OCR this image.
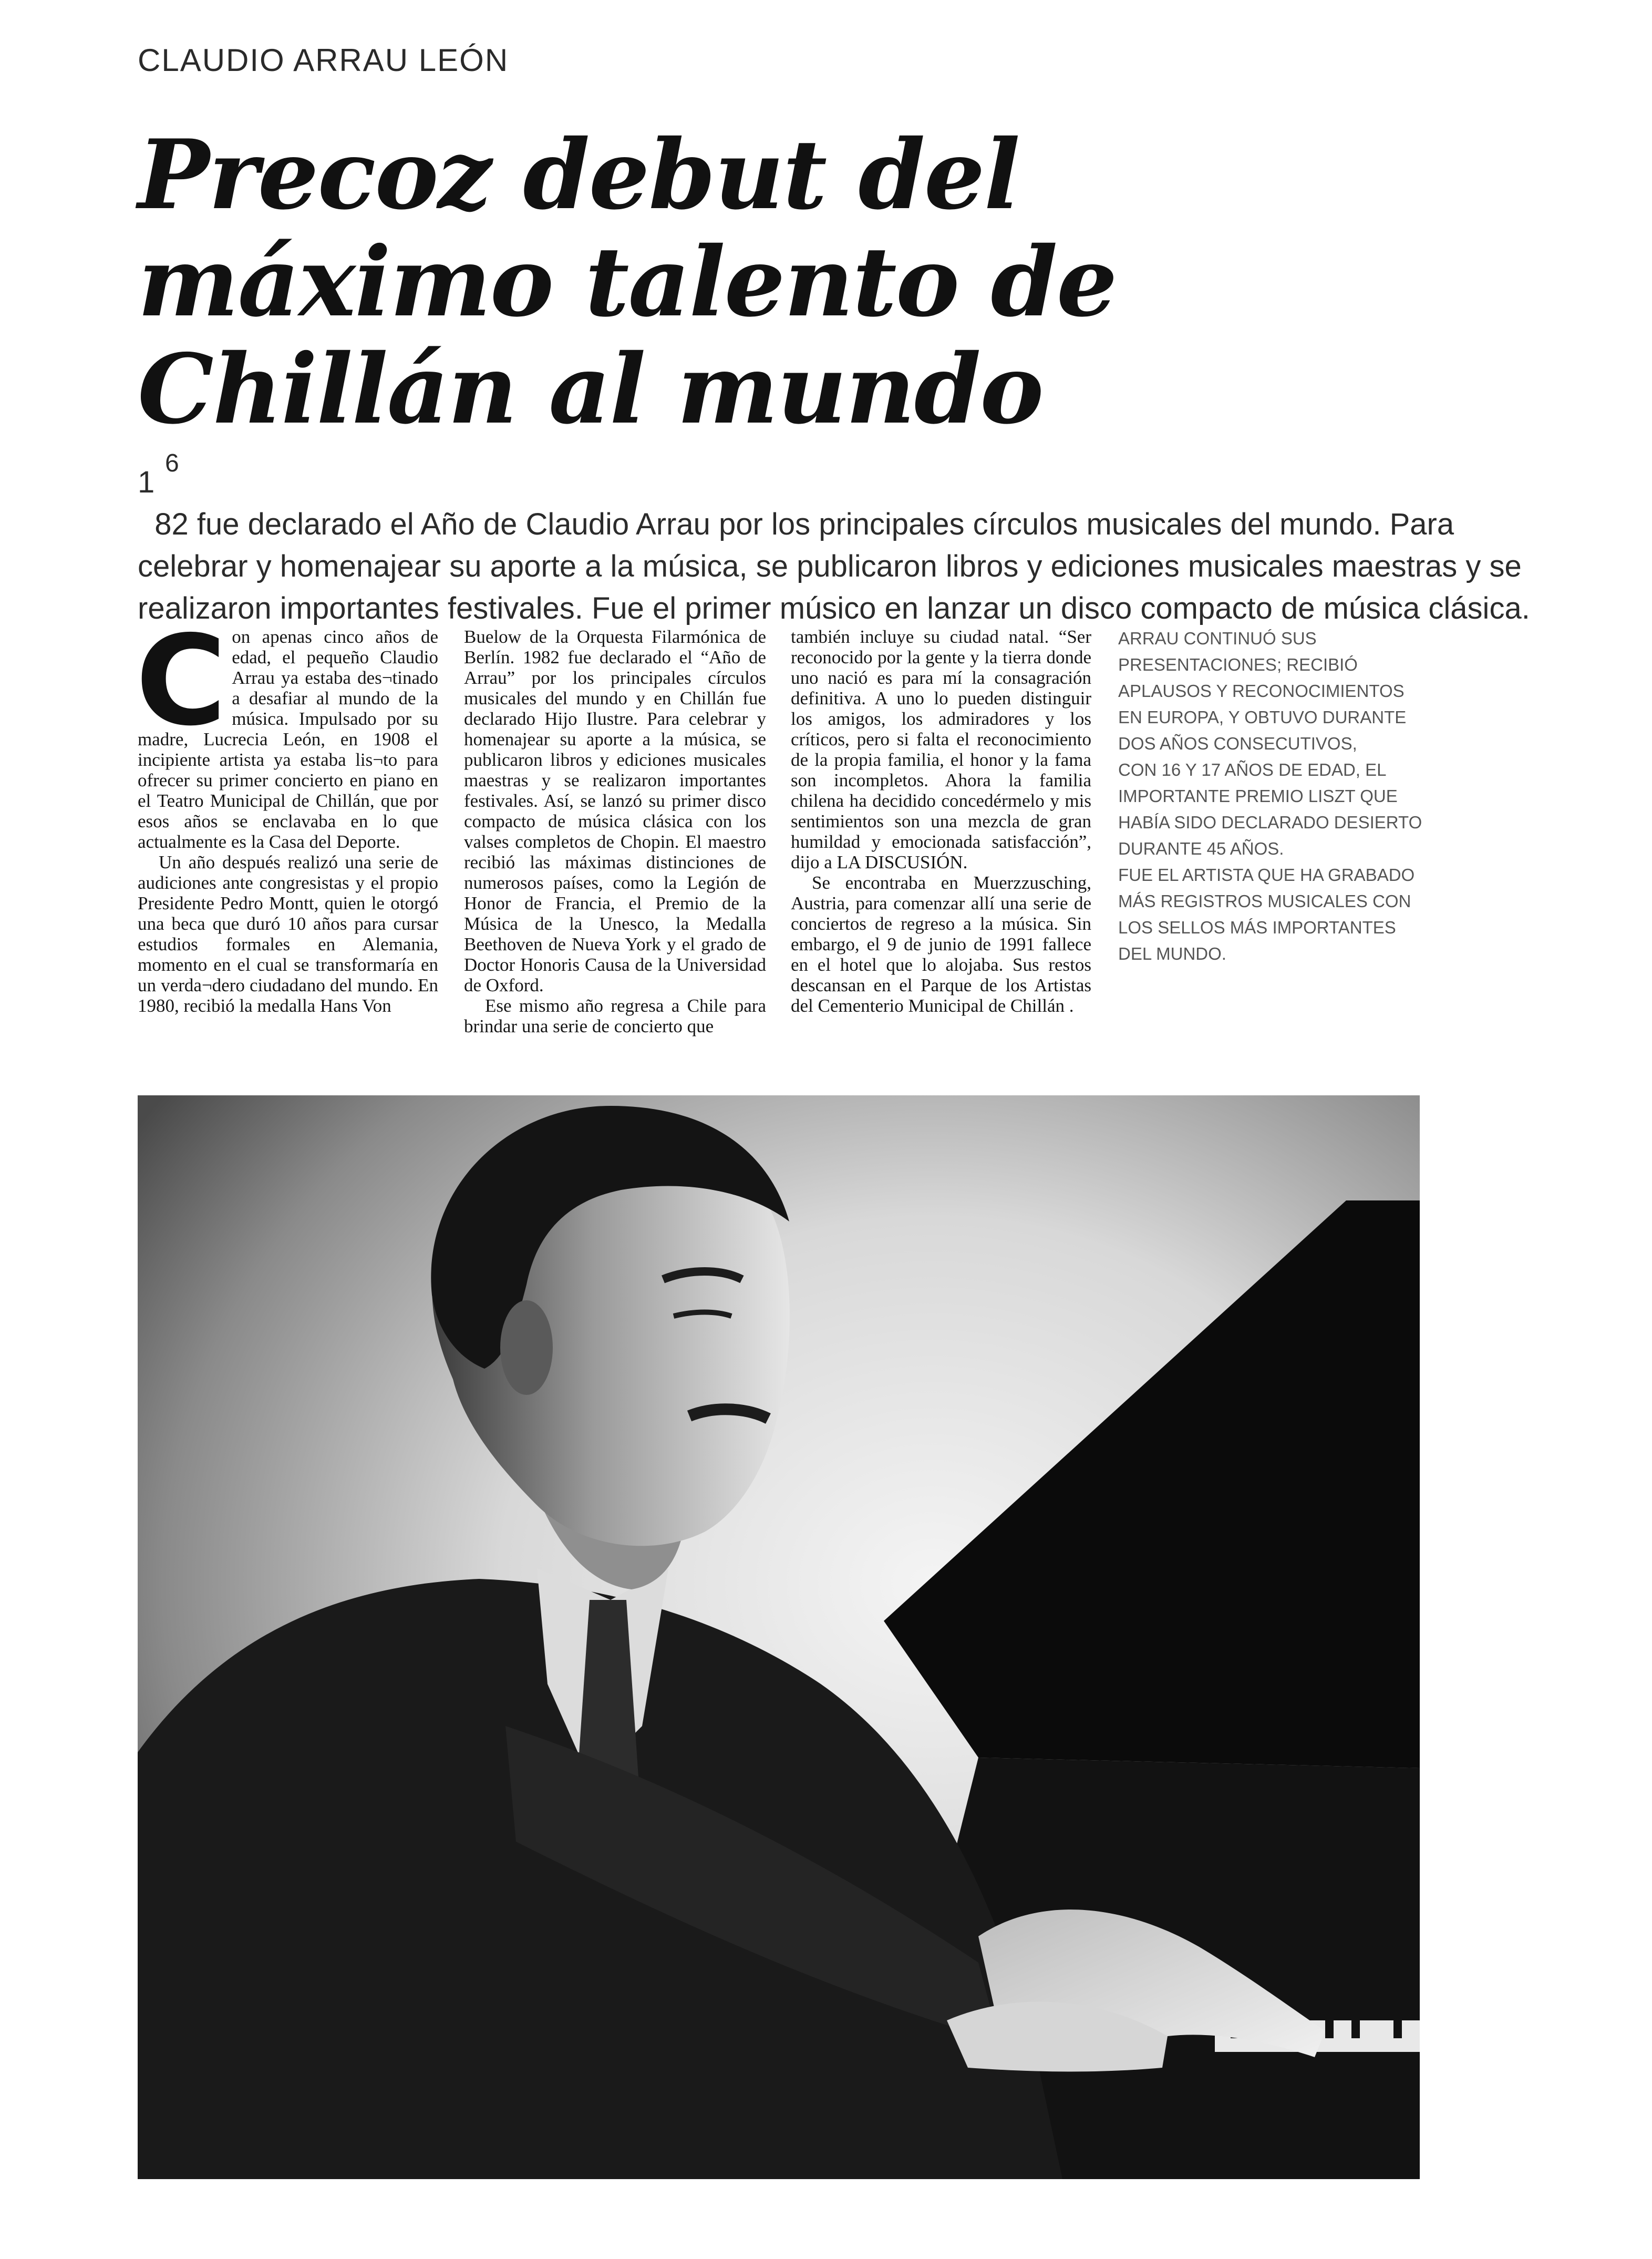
CLAUDIO ARRAU LEÓN
Precoz debut del
máximo talento de
Chillán al mundo
1
6
82 fue declarado el Año de Claudio Arrau por los principales círculos musicales del mundo. Para
celebrar y homenajear su aporte a la música, se publicaron libros y ediciones musicales maestras y se
realizaron importantes festivales. Fue el primer músico en lanzar un disco compacto de música clásica.

Con apenas cinco años de edad, el pequeño Claudio Arrau ya estaba des¬tinado a desafiar al mundo de la música. Impulsado por su madre, Lucrecia León, en 1908 el incipiente artista ya estaba lis¬to para ofrecer su primer concierto en piano en el Teatro Municipal de Chillán, que por esos años se enclavaba en lo que actualmente es la Casa del Deporte.

Un año después realizó una serie de audiciones ante congresistas y el propio Presidente Pedro Montt, quien le otorgó una beca que duró 10 años para cursar estudios formales en Alemania, momento en el cual se transformaría en un verda¬dero ciudadano del mundo. En 1980, recibió la medalla Hans Von

Buelow de la Orquesta Filarmónica de Berlín. 1982 fue declarado el “Año de Arrau” por los principales círculos musicales del mundo y en Chillán fue declarado Hijo Ilustre. Para celebrar y homenajear su aporte a la música, se publicaron libros y ediciones musicales maestras y se realizaron importantes festivales. Así, se lanzó su primer disco compacto de música clásica con los valses completos de Chopin. El maestro recibió las máximas distinciones de numerosos países, como la Legión de Honor de Francia, el Premio de la Música de la Unesco, la Medalla Beethoven de Nueva York y el grado de Doctor Honoris Causa de la Universidad de Oxford.

Ese mismo año regresa a Chile para brindar una serie de concierto que

también incluye su ciudad natal. “Ser reconocido por la gente y la tierra donde uno nació es para mí la consagración definitiva. A uno lo pueden distinguir los amigos, los admiradores y los críticos, pero si falta el reconocimiento de la propia familia, el honor y la fama son incompletos. Ahora la familia chilena ha decidido concedérmelo y mis sentimientos son una mezcla de gran humildad y emocionada satisfacción”, dijo a LA DISCUSIÓN.

Se encontraba en Muerzzusching, Austria, para comenzar allí una serie de conciertos de regreso a la música. Sin embargo, el 9 de junio de 1991 fallece en el hotel que lo alojaba. Sus restos descansan en el Parque de los Artistas del Cementerio Municipal de Chillán .

ARRAU CONTINUÓ SUS
PRESENTACIONES; RECIBIÓ
APLAUSOS Y RECONOCIMIENTOS
EN EUROPA, Y OBTUVO DURANTE
DOS AÑOS CONSECUTIVOS,
CON 16 Y 17 AÑOS DE EDAD, EL
IMPORTANTE PREMIO LISZT QUE
HABÍA SIDO DECLARADO DESIERTO
DURANTE 45 AÑOS.
FUE EL ARTISTA QUE HA GRABADO
MÁS REGISTROS MUSICALES CON
LOS SELLOS MÁS IMPORTANTES
DEL MUNDO.
